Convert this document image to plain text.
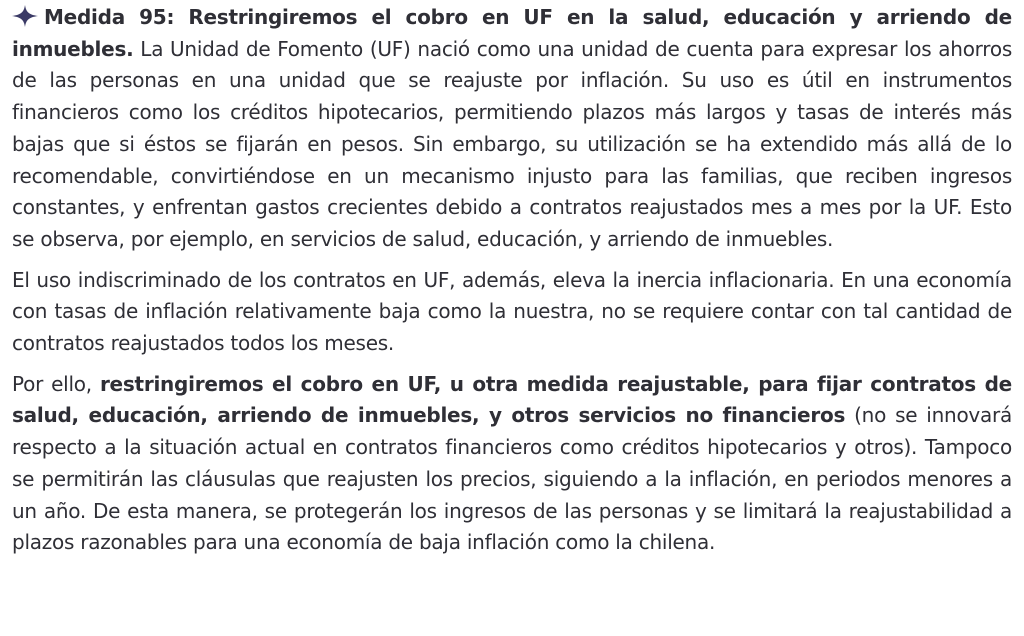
Medida 95: Restringiremos el cobro en UF en la salud, educación y arriendo de inmuebles. La Unidad de Fomento (UF) nació como una unidad de cuenta para expresar los ahorros de las personas en una unidad que se reajuste por inflación. Su uso es útil en instrumentos financieros como los créditos hipotecarios, permitiendo plazos más largos y tasas de interés más bajas que si éstos se fijarán en pesos. Sin embargo, su utilización se ha extendido más allá de lo recomendable, convirtiéndose en un mecanismo injusto para las familias, que reciben ingresos constantes, y enfrentan gastos crecientes debido a contratos reajustados mes a mes por la UF. Esto se observa, por ejemplo, en servicios de salud, educación, y arriendo de inmuebles.

El uso indiscriminado de los contratos en UF, además, eleva la inercia inflacionaria. En una economía con tasas de inflación relativamente baja como la nuestra, no se requiere contar con tal cantidad de contratos reajustados todos los meses.

Por ello, restringiremos el cobro en UF, u otra medida reajustable, para fijar contratos de salud, educación, arriendo de inmuebles, y otros servicios no financieros (no se innovará respecto a la situación actual en contratos financieros como créditos hipotecarios y otros). Tampoco se permitirán las cláusulas que reajusten los precios, siguiendo a la inflación, en periodos menores a un año. De esta manera, se protegerán los ingresos de las personas y se limitará la reajustabilidad a plazos razonables para una economía de baja inflación como la chilena.
